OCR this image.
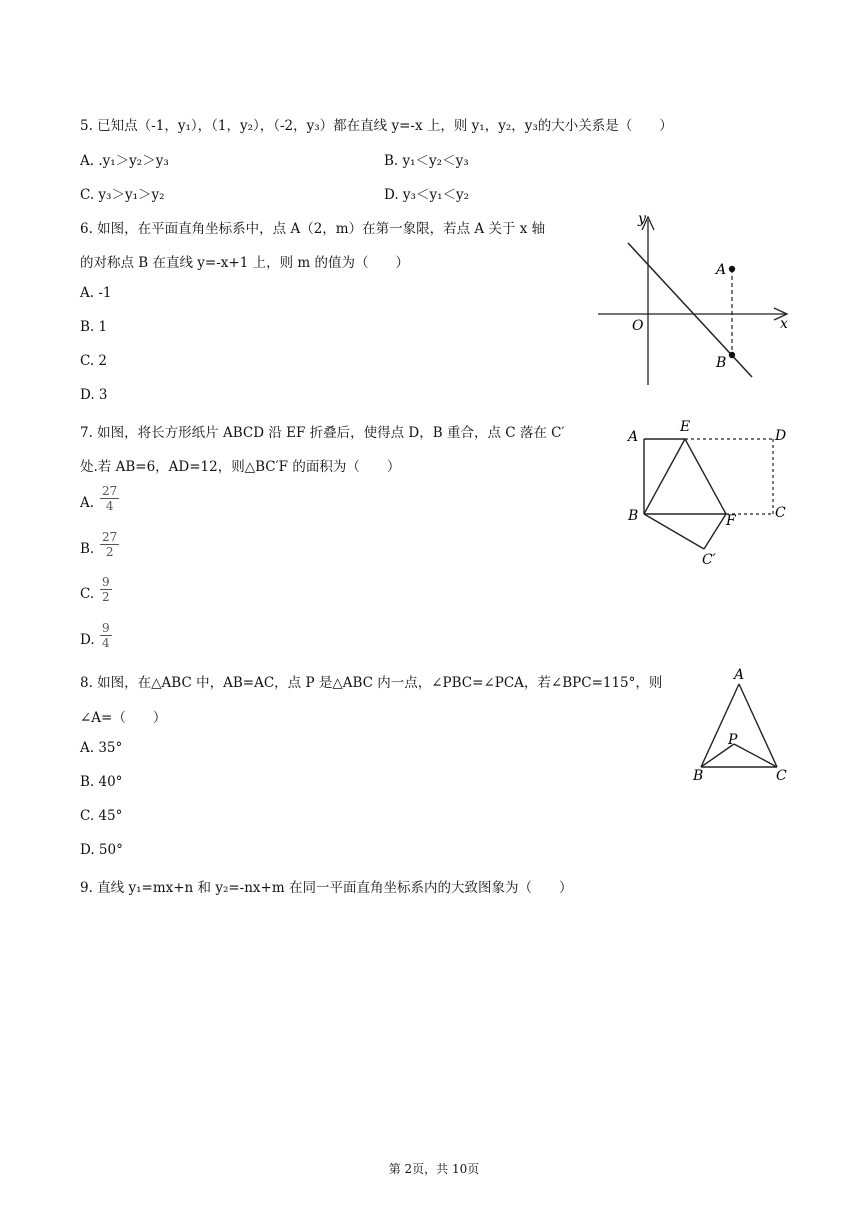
5. 已知点（-1，y₁），（1，y₂），（-2，y₃）都在直线 y=-x 上，则 y₁，y₂，y₃的大小关系是（　　）
A. .y₁＞y₂＞y₃	B. y₁＜y₂＜y₃
C. y₃＞y₁＞y₂	D. y₃＜y₁＜y₂
6. 如图，在平面直角坐标系中，点 A（2，m）在第一象限，若点 A 关于 x 轴
的对称点 B 在直线 y=-x+1 上，则 m 的值为（　　）
A. -1
B. 1
C. 2
D. 3
y
x
O
A
B
7. 如图，将长方形纸片 ABCD 沿 EF 折叠后，使得点 D，B 重合，点 C 落在 C′
处.若 AB=6，AD=12，则△BC′F 的面积为（　　）
A. $\frac{27}{4}$
B. $\frac{27}{2}$
C. $\frac{9}{2}$
D. $\frac{9}{4}$
A
E
D
B	F	C
C′
8. 如图，在△ABC 中，AB=AC，点 P 是△ABC 内一点，∠PBC=∠PCA，若∠BPC=115°，则
∠A=（　　）
A. 35°
B. 40°
C. 45°
D. 50°
A
P
B	C
9. 直线 y₁=mx+n 和 y₂=-nx+m 在同一平面直角坐标系内的大致图象为（　　）
第 2页，共 10页
